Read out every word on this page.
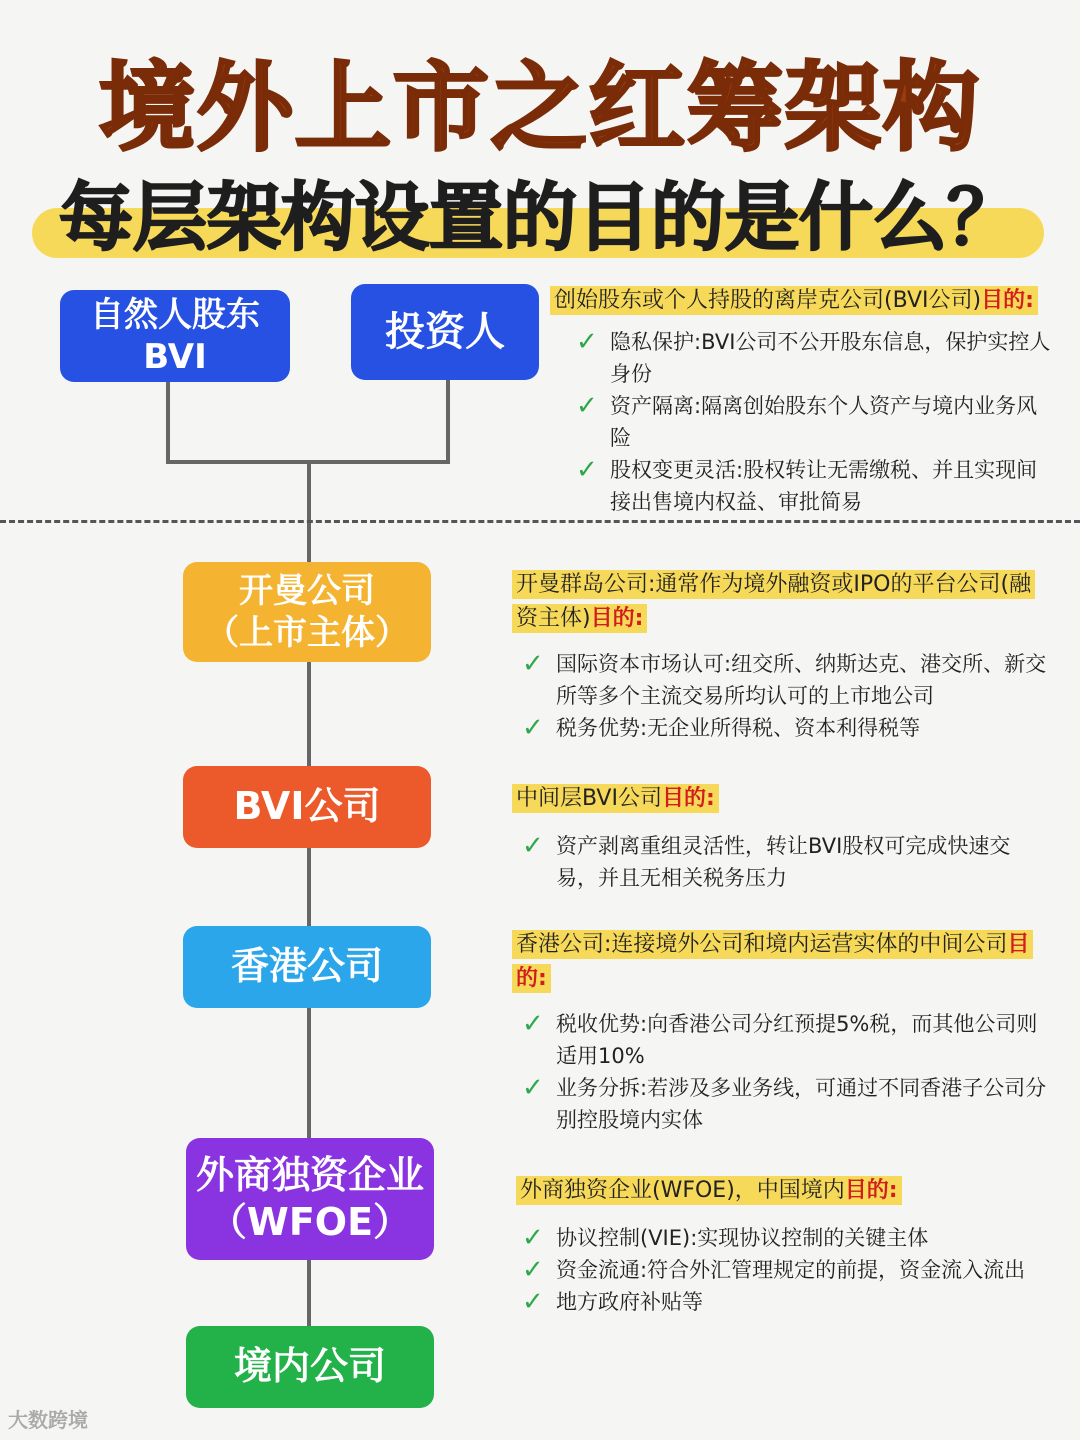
境外上市之红筹架构
每层架构设置的目的是什么？
自然人股东
BVI
投资人
开曼公司
（上市主体）
BVI公司
香港公司
外商独资企业
（WFOE）
境内公司
创始股东或个人持股的离岸克公司(BVI公司)目的:
✓ 隐私保护:BVI公司不公开股东信息，保护实控人身份
✓ 资产隔离:隔离创始股东个人资产与境内业务风险
✓ 股权变更灵活:股权转让无需缴税、并且实现间接出售境内权益、审批简易
开曼群岛公司:通常作为境外融资或IPO的平台公司(融资主体)目的:
✓ 国际资本市场认可:纽交所、纳斯达克、港交所、新交所等多个主流交易所均认可的上市地公司
✓ 税务优势:无企业所得税、资本利得税等
中间层BVI公司目的:
✓ 资产剥离重组灵活性，转让BVI股权可完成快速交易，并且无相关税务压力
香港公司:连接境外公司和境内运营实体的中间公司目的:
✓ 税收优势:向香港公司分红预提5%税，而其他公司则适用10%
✓ 业务分拆:若涉及多业务线，可通过不同香港子公司分别控股境内实体
外商独资企业(WFOE)，中国境内目的:
✓ 协议控制(VIE):实现协议控制的关键主体
✓ 资金流通:符合外汇管理规定的前提，资金流入流出
✓ 地方政府补贴等
大数跨境
